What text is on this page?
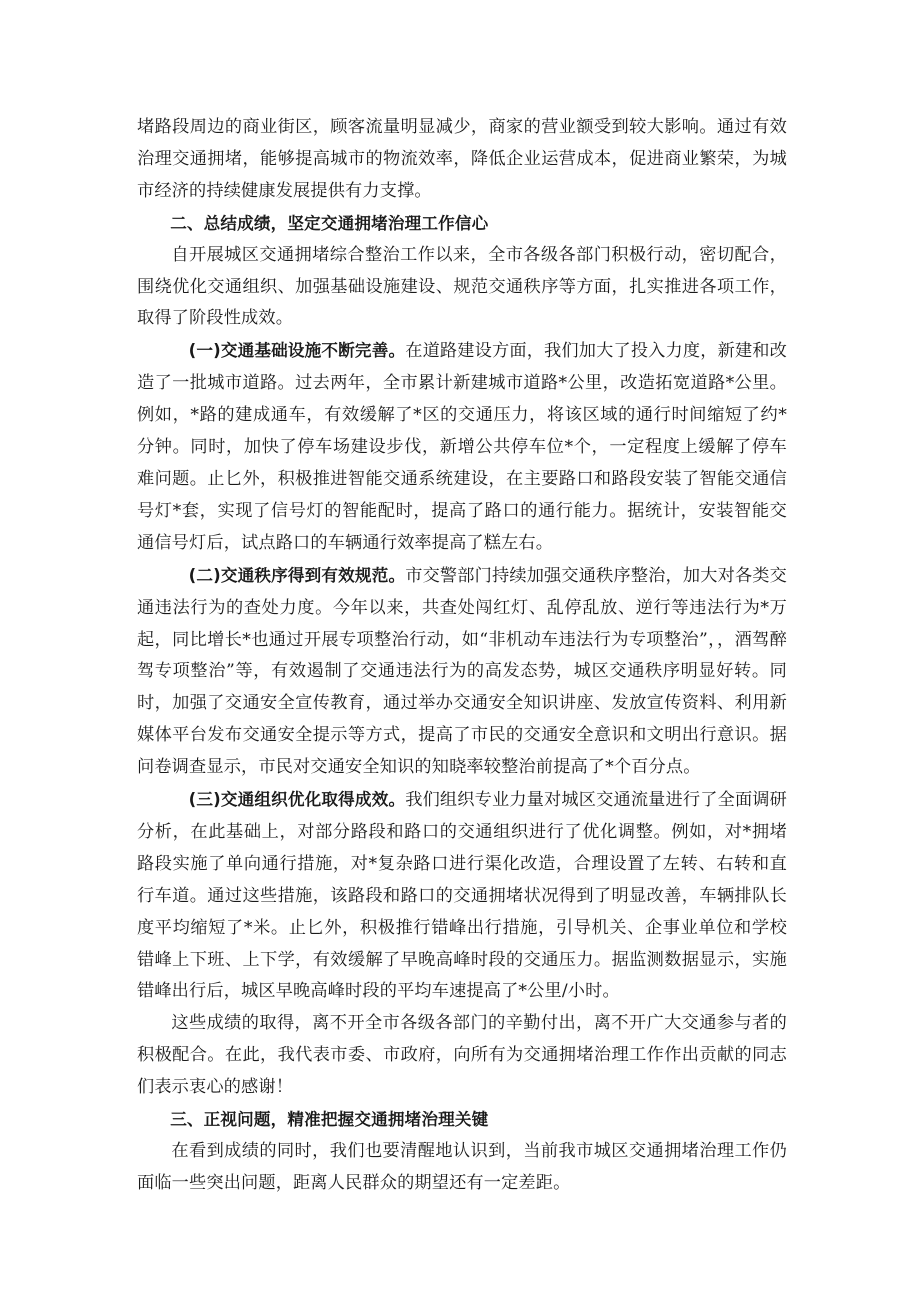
堵路段周边的商业街区，顾客流量明显减少，商家的营业额受到较大影响。通过有效治理交通拥堵，能够提高城市的物流效率，降低企业运营成本，促进商业繁荣，为城市经济的持续健康发展提供有力支撑。

二、总结成绩，坚定交通拥堵治理工作信心

自开展城区交通拥堵综合整治工作以来，全市各级各部门积极行动，密切配合，围绕优化交通组织、加强基础设施建设、规范交通秩序等方面，扎实推进各项工作，取得了阶段性成效。

(一)交通基础设施不断完善。在道路建设方面，我们加大了投入力度，新建和改造了一批城市道路。过去两年，全市累计新建城市道路*公里，改造拓宽道路*公里。例如，*路的建成通车，有效缓解了*区的交通压力，将该区域的通行时间缩短了约*分钟。同时，加快了停车场建设步伐，新增公共停车位*个，一定程度上缓解了停车难问题。止匕外，积极推进智能交通系统建设，在主要路口和路段安装了智能交通信号灯*套，实现了信号灯的智能配时，提高了路口的通行能力。据统计，安装智能交通信号灯后，试点路口的车辆通行效率提高了糕左右。

(二)交通秩序得到有效规范。市交警部门持续加强交通秩序整治，加大对各类交通违法行为的查处力度。今年以来，共查处闯红灯、乱停乱放、逆行等违法行为*万起，同比增长*也通过开展专项整治行动，如“非机动车违法行为专项整治”，，酒驾醉驾专项整治”等，有效遏制了交通违法行为的高发态势，城区交通秩序明显好转。同时，加强了交通安全宣传教育，通过举办交通安全知识讲座、发放宣传资料、利用新媒体平台发布交通安全提示等方式，提高了市民的交通安全意识和文明出行意识。据问卷调查显示，市民对交通安全知识的知晓率较整治前提高了*个百分点。

(三)交通组织优化取得成效。我们组织专业力量对城区交通流量进行了全面调研分析，在此基础上，对部分路段和路口的交通组织进行了优化调整。例如，对*拥堵路段实施了单向通行措施，对*复杂路口进行渠化改造，合理设置了左转、右转和直行车道。通过这些措施，该路段和路口的交通拥堵状况得到了明显改善，车辆排队长度平均缩短了*米。止匕外，积极推行错峰出行措施，引导机关、企事业单位和学校错峰上下班、上下学，有效缓解了早晚高峰时段的交通压力。据监测数据显示，实施错峰出行后，城区早晚高峰时段的平均车速提高了*公里/小时。

这些成绩的取得，离不开全市各级各部门的辛勤付出，离不开广大交通参与者的积极配合。在此，我代表市委、市政府，向所有为交通拥堵治理工作作出贡献的同志们表示衷心的感谢！

三、正视问题，精准把握交通拥堵治理关键

在看到成绩的同时，我们也要清醒地认识到，当前我市城区交通拥堵治理工作仍面临一些突出问题，距离人民群众的期望还有一定差距。
